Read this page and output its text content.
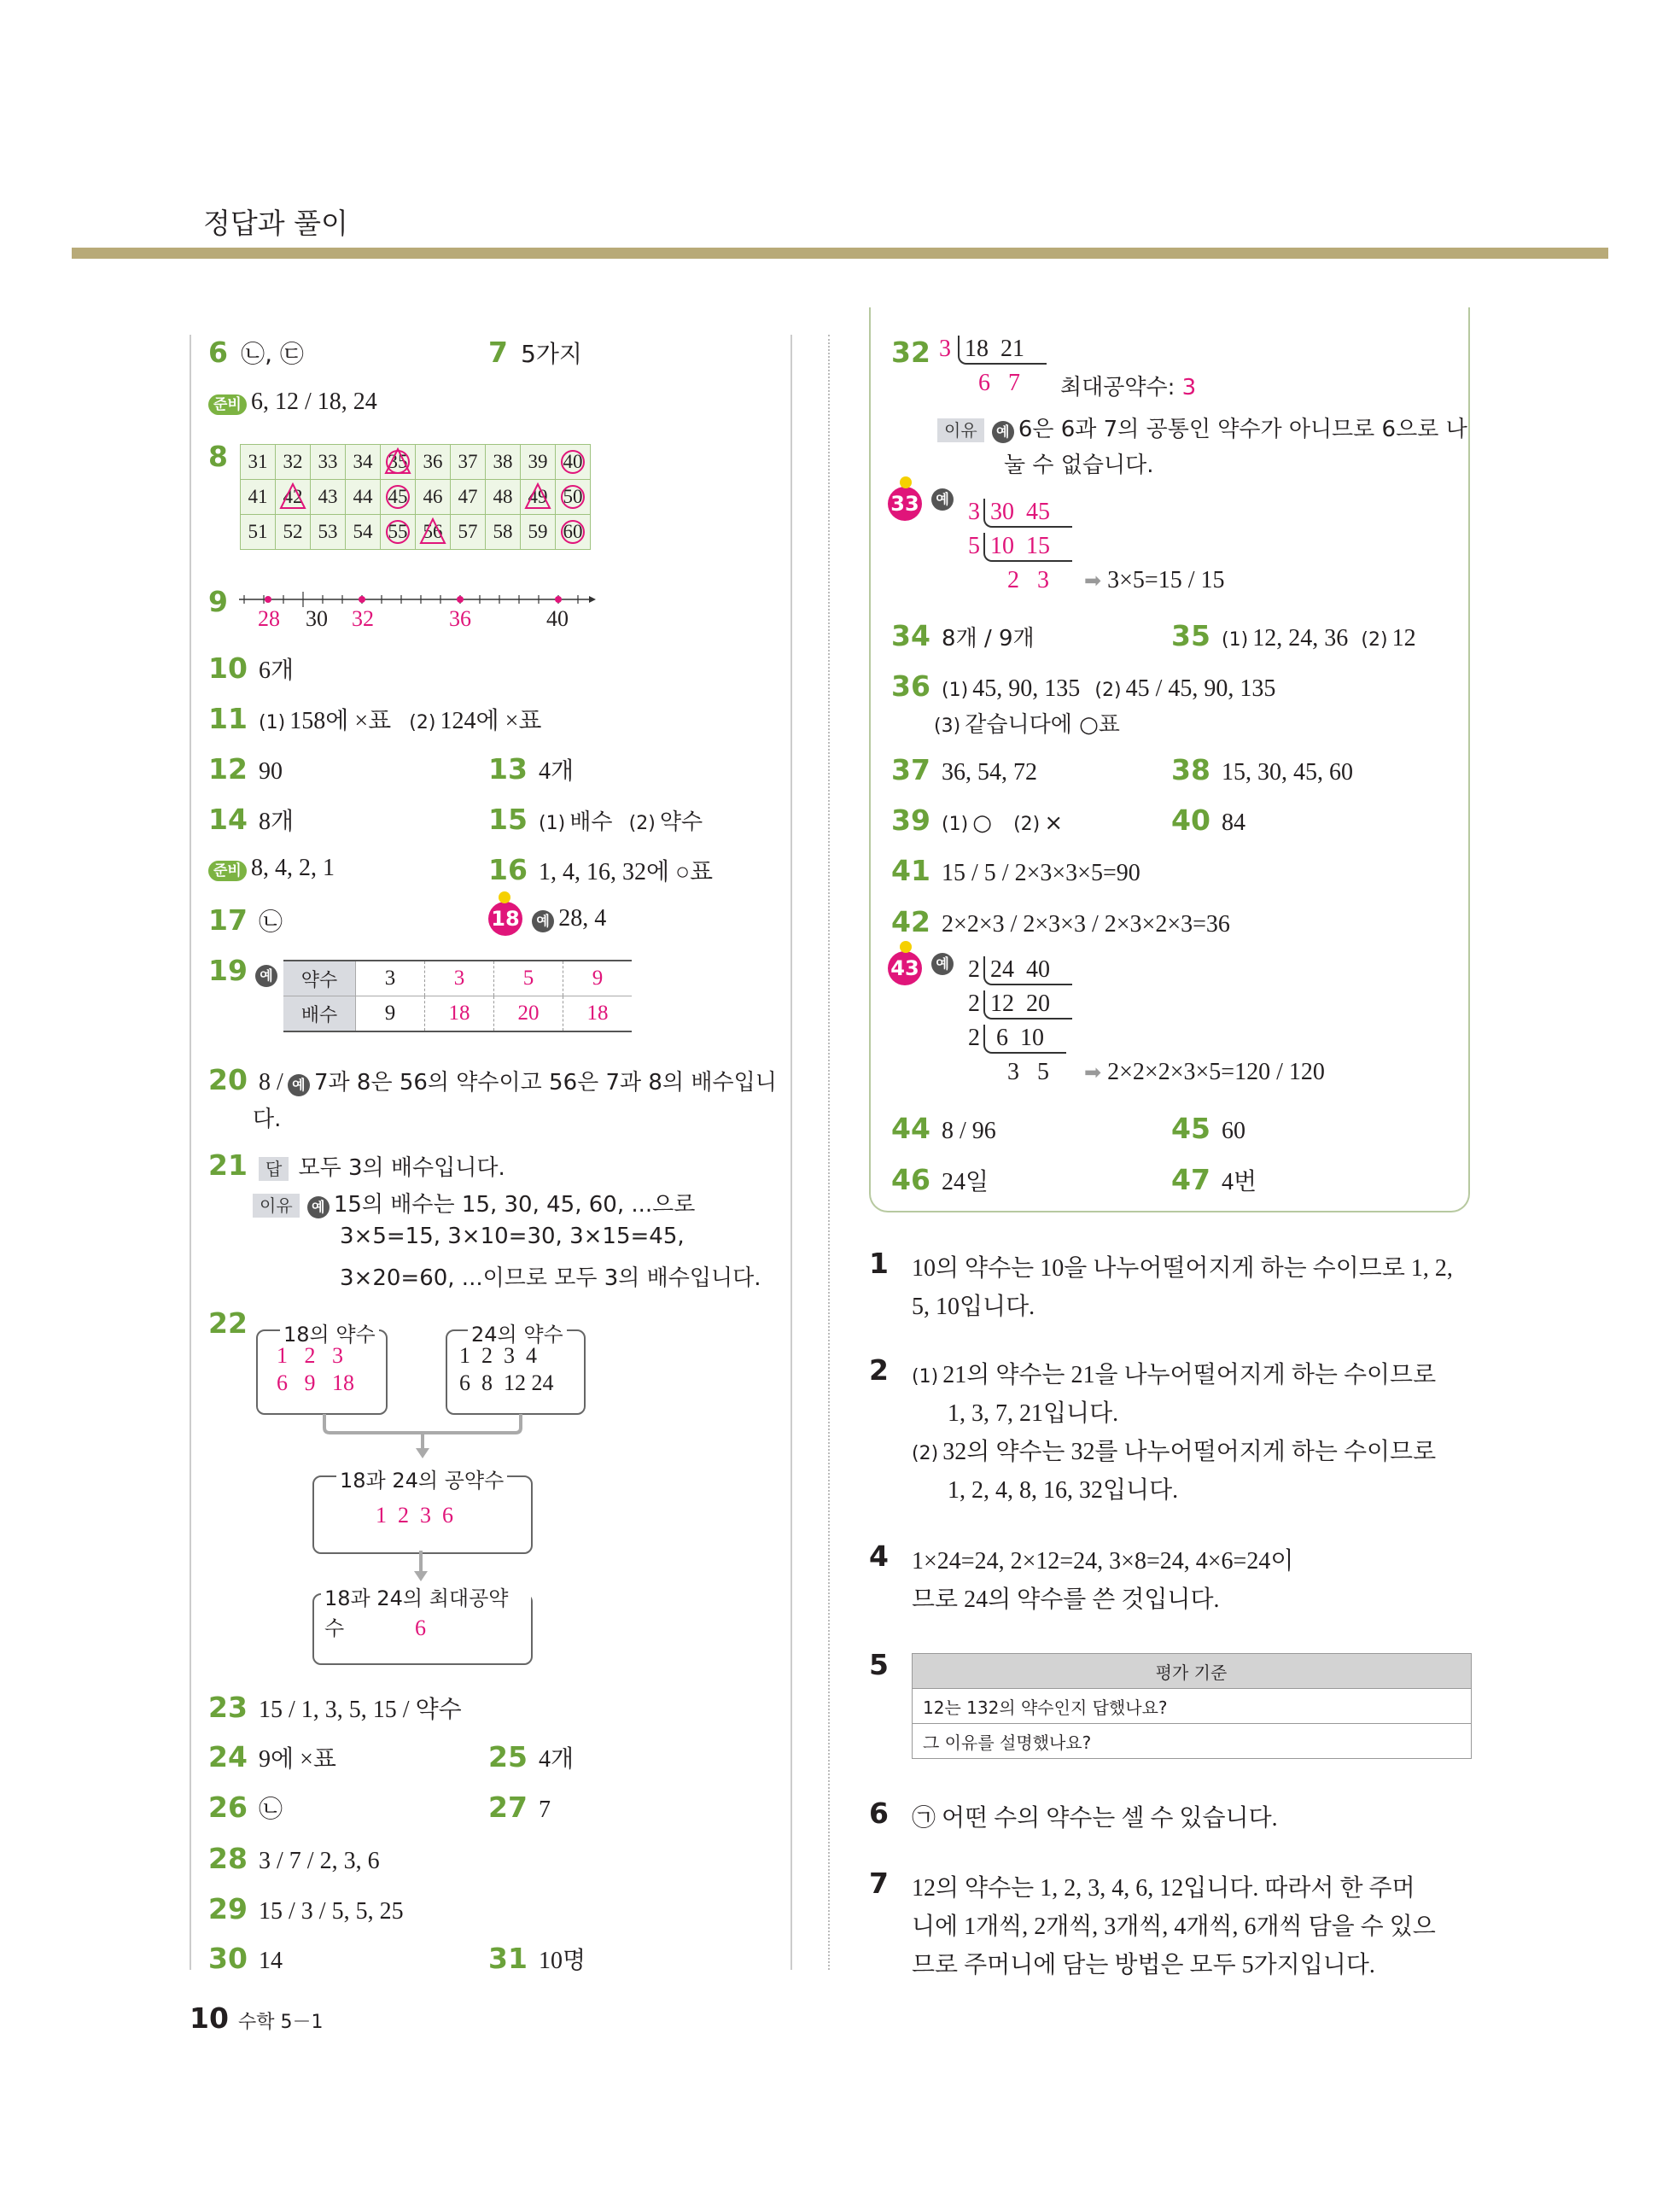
정답과 풀이
6 ㉡, ㉢	7 5가지
준비 6, 12 / 18, 24
8 31	32	33	34	35	36	37	38	39	40
41	42	43	44	45	46	47	48	49	50
51	52	53	54	55	56	57	58	59	60
9
28 30 32	36	40
10 6개
11 (1) 158에 ×표 (2) 124에 ×표
12 90	13 4개
14 8개	15 (1) 배수 (2) 약수
준비 8, 4, 2, 1	16 1, 4, 16, 32에 ○표
17 ㉡	18 예 28, 4
19 예 약수	3	3	5	9
배수	9	18	20	18
20 8 / 예 7과 8은 56의 약수이고 56은 7과 8의 배수입니
다.
21 답 모두 3의 배수입니다.
이유 예 15의 배수는 15, 30, 45, 60, ...으로
3×5=15, 3×10=30, 3×15=45,
3×20=60, ...이므로 모두 3의 배수입니다.
22 18의 약수
1   2   3
6   9   18
24의 약수
1  2  3  4
6  8  12 24
18과 24의 공약수
1  2  3  6
18과 24의 최대공약수	6
23 15 / 1, 3, 5, 15 / 약수
24 9에 ×표	25 4개
26 ㉡	27 7
28 3 / 7 / 2, 3, 6
29 15 / 3 / 5, 5, 25
30 14	31 10명
10 수학 5－1
32 3 18  21
6   7 최대공약수: 3
이유 예 6은 6과 7의 공통인 약수가 아니므로 6으로 나
눌 수 없습니다.
33 예 3 30  45
5 10  15
2   3 ➡ 3×5=15 / 15
34 8개 / 9개	35 (1) 12, 24, 36 (2) 12
36 (1) 45, 90, 135 (2) 45 / 45, 90, 135
(3) 같습니다에 ○표
37 36, 54, 72	38 15, 30, 45, 60
39 (1) ○ (2) ×	40 84
41 15 / 5 / 2×3×3×5=90
42 2×2×3 / 2×3×3 / 2×3×2×3=36
43 예 2 24  40
2 12  20
2 6  10
3   5 ➡ 2×2×2×3×5=120 / 120
44 8 / 96	45 60
46 24일	47 4번
1 10의 약수는 10을 나누어떨어지게 하는 수이므로 1, 2,
5, 10입니다.
2 (1) 21의 약수는 21을 나누어떨어지게 하는 수이므로
1, 3, 7, 21입니다.
(2) 32의 약수는 32를 나누어떨어지게 하는 수이므로
1, 2, 4, 8, 16, 32입니다.
4 1×24=24, 2×12=24, 3×8=24, 4×6=24이
므로 24의 약수를 쓴 것입니다.
5	평가 기준
12는 132의 약수인지 답했나요?
그 이유를 설명했나요?
6 ㉠ 어떤 수의 약수는 셀 수 있습니다.
7 12의 약수는 1, 2, 3, 4, 6, 12입니다. 따라서 한 주머
니에 1개씩, 2개씩, 3개씩, 4개씩, 6개씩 담을 수 있으
므로 주머니에 담는 방법은 모두 5가지입니다.
